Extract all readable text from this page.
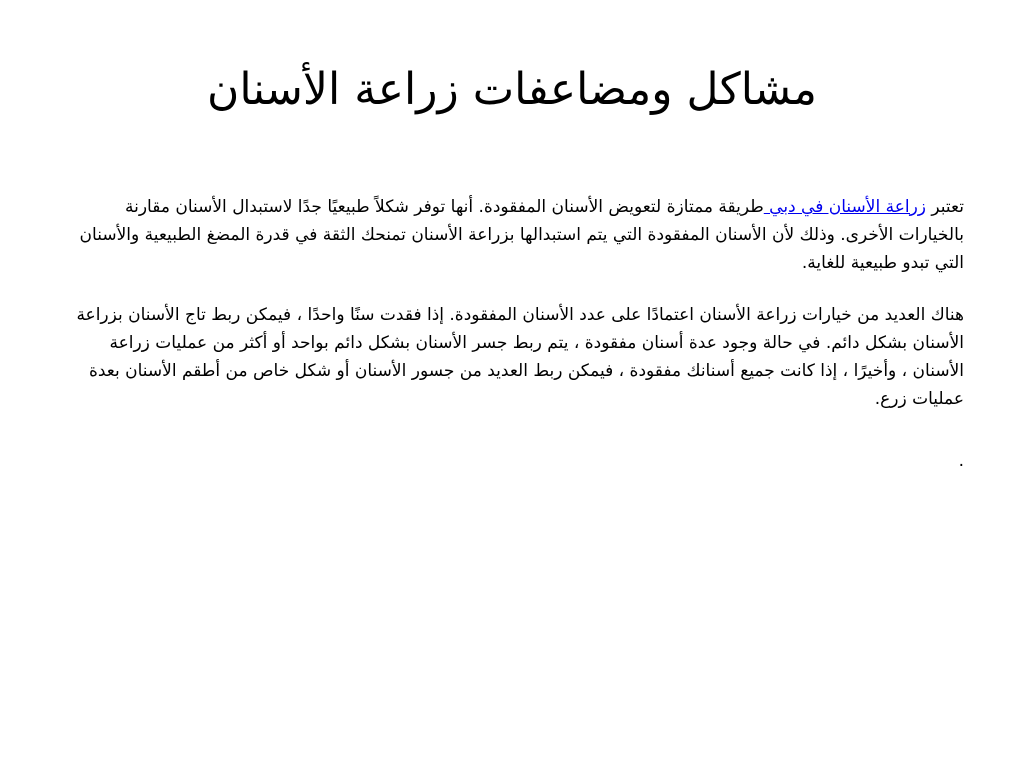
مشاكل ومضاعفات زراعة الأسنان

تعتبر زراعة الأسنان في دبي طريقة ممتازة لتعويض الأسنان المفقودة. أنها توفر شكلاً طبيعيًا جدًا لاستبدال الأسنان مقارنة بالخيارات الأخرى. وذلك لأن الأسنان المفقودة التي يتم استبدالها بزراعة الأسنان تمنحك الثقة في قدرة المضغ الطبيعية والأسنان التي تبدو طبيعية للغاية.

هناك العديد من خيارات زراعة الأسنان اعتمادًا على عدد الأسنان المفقودة. إذا فقدت سنًا واحدًا ، فيمكن ربط تاج الأسنان بزراعة الأسنان بشكل دائم. في حالة وجود عدة أسنان مفقودة ، يتم ربط جسر الأسنان بشكل دائم بواحد أو أكثر من عمليات زراعة الأسنان ، وأخيرًا ، إذا كانت جميع أسنانك مفقودة ، فيمكن ربط العديد من جسور الأسنان أو شكل خاص من أطقم الأسنان بعدة عمليات زرع.

.
